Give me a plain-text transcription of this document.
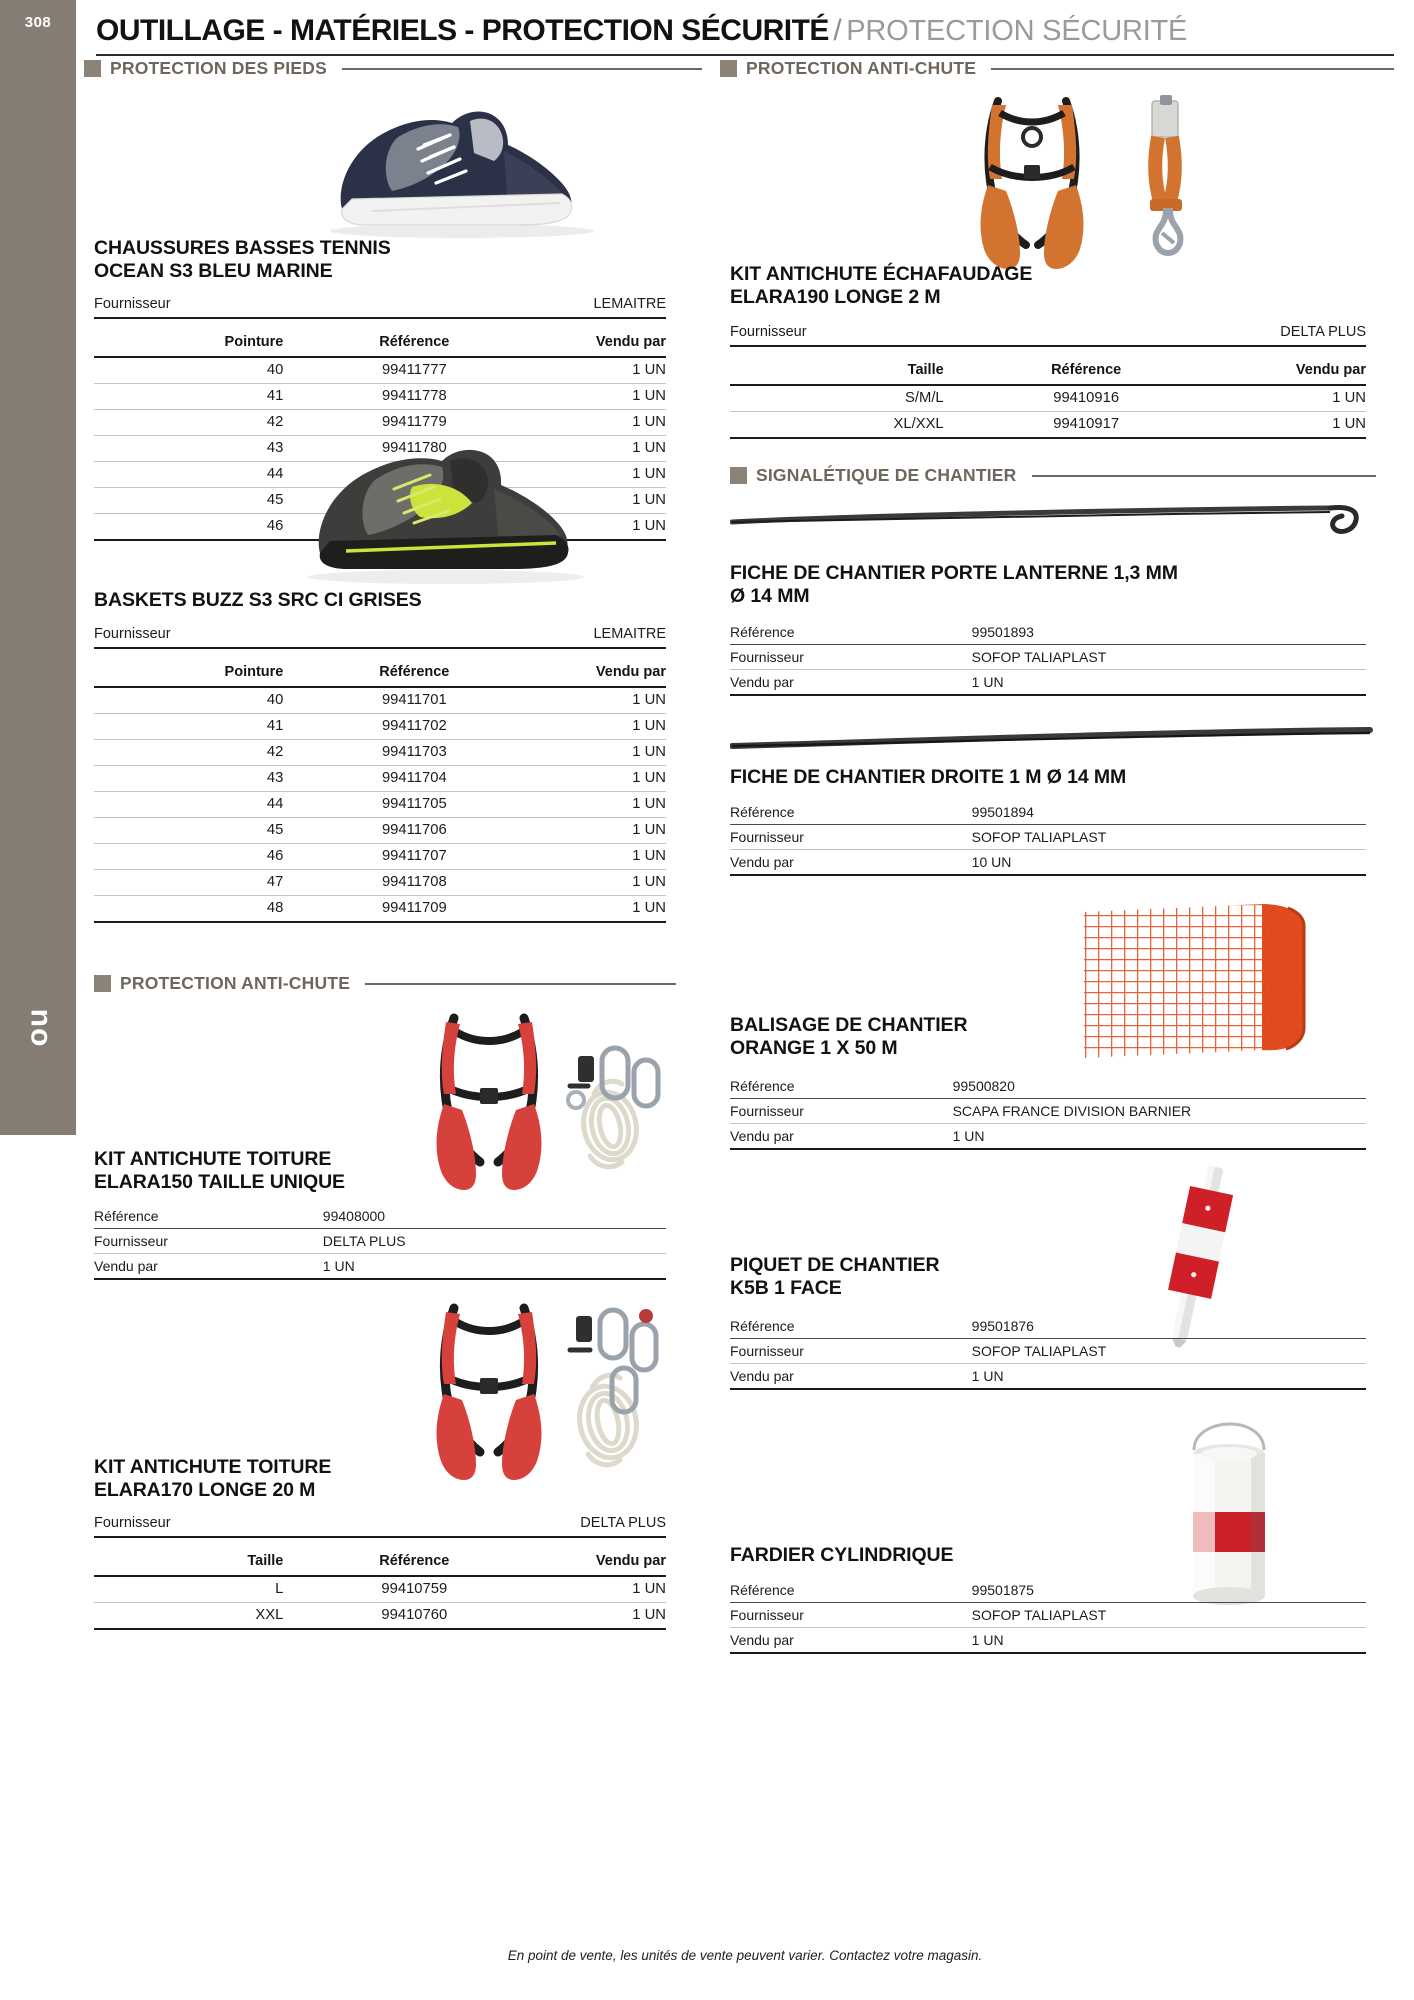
308
ou
OUTILLAGE - MATÉRIELS - PROTECTION SÉCURITÉ / PROTECTION SÉCURITÉ
PROTECTION DES PIEDS
CHAUSSURES BASSES TENNIS
OCEAN S3 BLEU MARINE
Fournisseur	LEMAITRE
Pointure	Référence	Vendu par
40	99411777	1 UN
41	99411778	1 UN
42	99411779	1 UN
43	99411780	1 UN
44		1 UN
45		1 UN
46		1 UN
BASKETS BUZZ S3 SRC CI GRISES
Fournisseur	LEMAITRE
Pointure	Référence	Vendu par
40	99411701	1 UN
41	99411702	1 UN
42	99411703	1 UN
43	99411704	1 UN
44	99411705	1 UN
45	99411706	1 UN
46	99411707	1 UN
47	99411708	1 UN
48	99411709	1 UN
PROTECTION ANTI-CHUTE
KIT ANTICHUTE TOITURE
ELARA150 TAILLE UNIQUE
Référence	99408000
Fournisseur	DELTA PLUS
Vendu par	1 UN
KIT ANTICHUTE TOITURE
ELARA170 LONGE 20 M
Fournisseur	DELTA PLUS
Taille	Référence	Vendu par
L	99410759	1 UN
XXL	99410760	1 UN
PROTECTION ANTI-CHUTE
KIT ANTICHUTE ÉCHAFAUDAGE
ELARA190 LONGE 2 M
Fournisseur	DELTA PLUS
Taille	Référence	Vendu par
S/M/L	99410916	1 UN
XL/XXL	99410917	1 UN
SIGNALÉTIQUE DE CHANTIER
FICHE DE CHANTIER PORTE LANTERNE 1,3 MM
Ø 14 MM
Référence	99501893
Fournisseur	SOFOP TALIAPLAST
Vendu par	1 UN
FICHE DE CHANTIER DROITE 1 M Ø 14 MM
Référence	99501894
Fournisseur	SOFOP TALIAPLAST
Vendu par	10 UN
BALISAGE DE CHANTIER
ORANGE 1 X 50 M
Référence	99500820
Fournisseur	SCAPA FRANCE DIVISION BARNIER
Vendu par	1 UN
PIQUET DE CHANTIER
K5B 1 FACE
Référence	99501876
Fournisseur	SOFOP TALIAPLAST
Vendu par	1 UN
FARDIER CYLINDRIQUE
Référence	99501875
Fournisseur	SOFOP TALIAPLAST
Vendu par	1 UN
En point de vente, les unités de vente peuvent varier. Contactez votre magasin.
